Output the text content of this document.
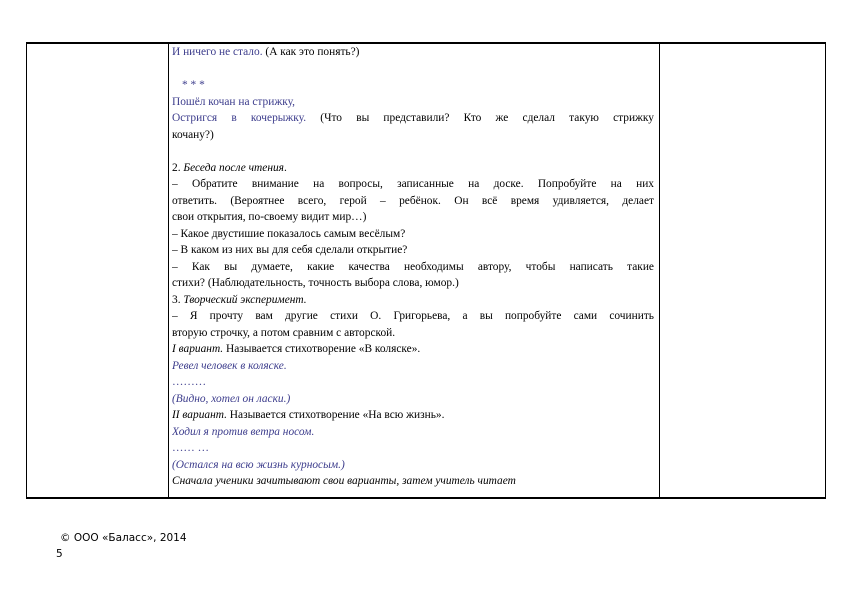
И ничего не стало. (А как это понять?)
* * *
Пошёл кочан на стрижку,
Остригся в кочерыжку. (Что вы представили? Кто же сделал такую стрижку
кочану?)
2. Беседа после чтения.
– Обратите внимание на вопросы, записанные на доске. Попробуйте на них
ответить. (Вероятнее всего, герой – ребёнок. Он всё время удивляется, делает
свои открытия, по-своему видит мир…)
– Какое двустишие показалось самым весёлым?
– В каком из них вы для себя сделали открытие?
– Как вы думаете, какие качества необходимы автору, чтобы написать такие
стихи? (Наблюдательность, точность выбора слова, юмор.)
3. Творческий эксперимент.
– Я прочту вам другие стихи О. Григорьева, а вы попробуйте сами сочинить
вторую строчку, а потом сравним с авторской.
I вариант. Называется стихотворение «В коляске».
Ревел человек в коляске.
………
(Видно, хотел он ласки.)
II вариант. Называется стихотворение «На всю жизнь».
Ходил я против ветра носом.
…… …
(Остался на всю жизнь курносым.)
Сначала ученики зачитывают свои варианты, затем учитель читает
© ООО «Баласс», 2014
5
